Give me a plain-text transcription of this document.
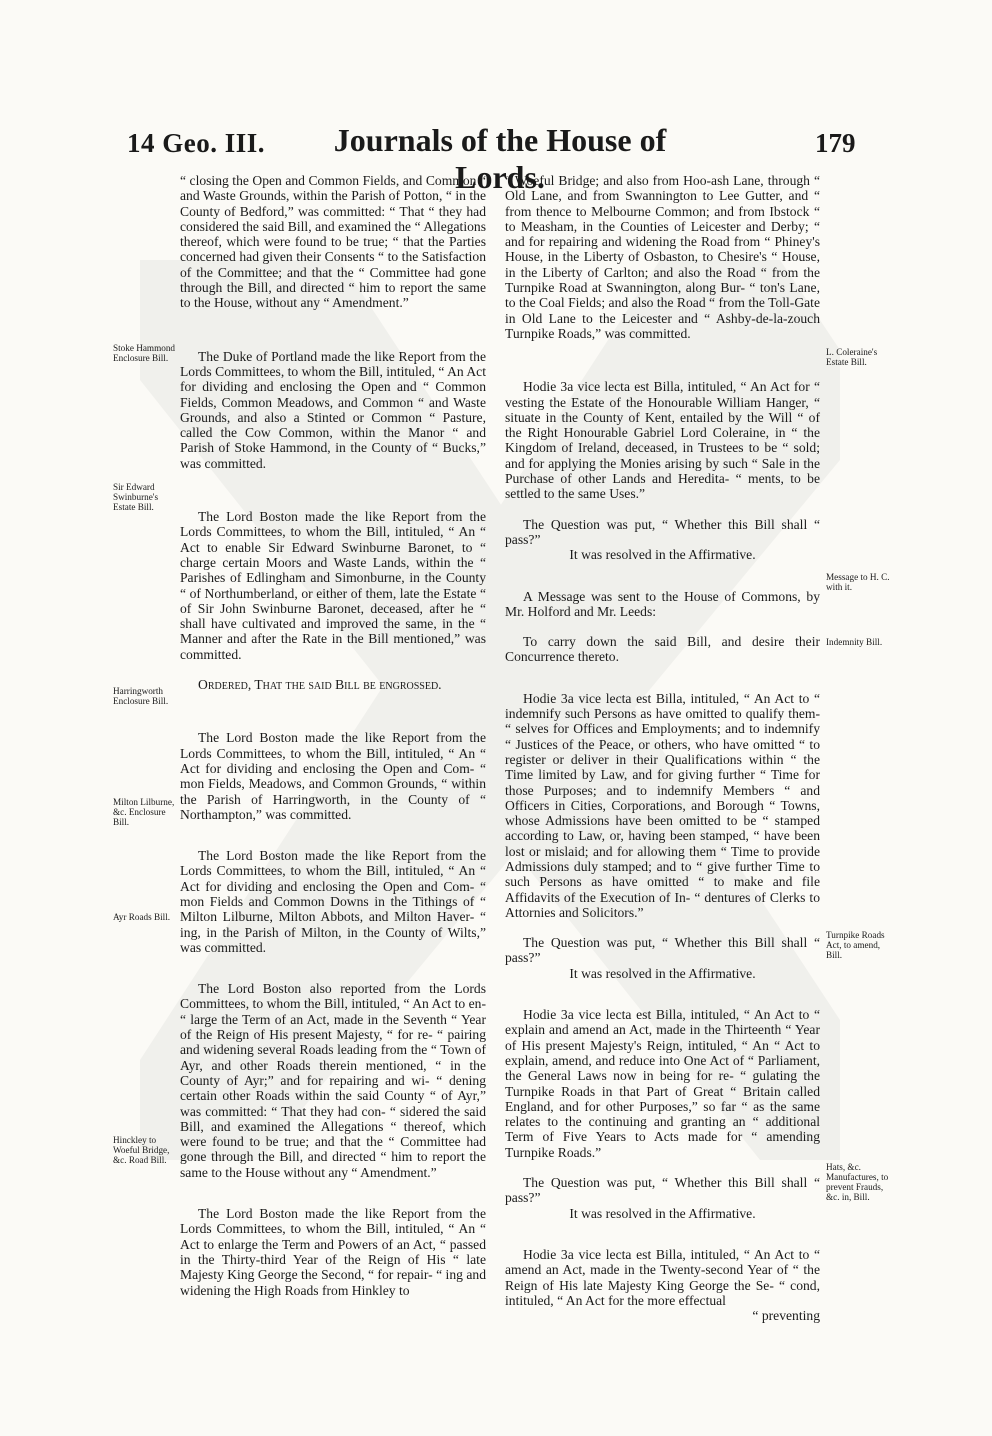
14 Geo. III.	Journals of the House of Lords.
179

“ closing the Open and Common Fields, and Common “ and Waste Grounds, within the Parish of Potton, “ in the County of Bedford,” was committed: “ That “ they had considered the said Bill, and examined the “ Allegations thereof, which were found to be true; “ that the Parties concerned had given their Consents “ to the Satisfaction of the Committee; and that the “ Committee had gone through the Bill, and directed “ him to report the same to the House, without any “ Amendment.”

The Duke of Portland made the like Report from the Lords Committees, to whom the Bill, intituled, “ An Act for dividing and enclosing the Open and “ Common Fields, Common Meadows, and Common “ and Waste Grounds, and also a Stinted or Common “ Pasture, called the Cow Common, within the Manor “ and Parish of Stoke Hammond, in the County of “ Bucks,” was committed.

The Lord Boston made the like Report from the Lords Committees, to whom the Bill, intituled, “ An “ Act to enable Sir Edward Swinburne Baronet, to “ charge certain Moors and Waste Lands, within the “ Parishes of Edlingham and Simonburne, in the County “ of Northumberland, or either of them, late the Estate “ of Sir John Swinburne Baronet, deceased, after he “ shall have cultivated and improved the same, in the “ Manner and after the Rate in the Bill mentioned,” was committed.

Ordered, That the said Bill be engrossed.

The Lord Boston made the like Report from the Lords Committees, to whom the Bill, intituled, “ An “ Act for dividing and enclosing the Open and Com- “ mon Fields, Meadows, and Common Grounds, “ within the Parish of Harringworth, in the County of “ Northampton,” was committed.

The Lord Boston made the like Report from the Lords Committees, to whom the Bill, intituled, “ An “ Act for dividing and enclosing the Open and Com- “ mon Fields and Common Downs in the Tithings of “ Milton Lilburne, Milton Abbots, and Milton Haver- “ ing, in the Parish of Milton, in the County of Wilts,” was committed.

The Lord Boston also reported from the Lords Committees, to whom the Bill, intituled, “ An Act to en- “ large the Term of an Act, made in the Seventh “ Year of the Reign of His present Majesty, “ for re- “ pairing and widening several Roads leading from the “ Town of Ayr, and other Roads therein mentioned, “ in the County of Ayr;” and for repairing and wi- “ dening certain other Roads within the said County “ of Ayr,” was committed: “ That they had con- “ sidered the said Bill, and examined the Allegations “ thereof, which were found to be true; and that the “ Committee had gone through the Bill, and directed “ him to report the same to the House without any “ Amendment.”

The Lord Boston made the like Report from the Lords Committees, to whom the Bill, intituled, “ An “ Act to enlarge the Term and Powers of an Act, “ passed in the Thirty-third Year of the Reign of His “ late Majesty King George the Second, “ for repair- “ ing and widening the High Roads from Hinkley to

“ Woeful Bridge; and also from Hoo-ash Lane, through “ Old Lane, and from Swannington to Lee Gutter, and “ from thence to Melbourne Common; and from Ibstock “ to Measham, in the Counties of Leicester and Derby; “ and for repairing and widening the Road from “ Phiney's House, in the Liberty of Osbaston, to Chesire's “ House, in the Liberty of Carlton; and also the Road “ from the Turnpike Road at Swannington, along Bur- “ ton's Lane, to the Coal Fields; and also the Road “ from the Toll-Gate in Old Lane to the Leicester and “ Ashby-de-la-zouch Turnpike Roads,” was committed.

Hodie 3a vice lecta est Billa, intituled, “ An Act for “ vesting the Estate of the Honourable William Hanger, “ situate in the County of Kent, entailed by the Will “ of the Right Honourable Gabriel Lord Coleraine, in “ the Kingdom of Ireland, deceased, in Trustees to be “ sold; and for applying the Monies arising by such “ Sale in the Purchase of other Lands and Heredita- “ ments, to be settled to the same Uses.”

The Question was put, “ Whether this Bill shall “ pass?”

It was resolved in the Affirmative.

A Message was sent to the House of Commons, by Mr. Holford and Mr. Leeds:

To carry down the said Bill, and desire their Concurrence thereto.

Hodie 3a vice lecta est Billa, intituled, “ An Act to “ indemnify such Persons as have omitted to qualify them- “ selves for Offices and Employments; and to indemnify “ Justices of the Peace, or others, who have omitted “ to register or deliver in their Qualifications within “ the Time limited by Law, and for giving further “ Time for those Purposes; and to indemnify Members “ and Officers in Cities, Corporations, and Borough “ Towns, whose Admissions have been omitted to be “ stamped according to Law, or, having been stamped, “ have been lost or mislaid; and for allowing them “ Time to provide Admissions duly stamped; and to “ give further Time to such Persons as have omitted “ to make and file Affidavits of the Execution of In- “ dentures of Clerks to Attornies and Solicitors.”

The Question was put, “ Whether this Bill shall “ pass?”

It was resolved in the Affirmative.

Hodie 3a vice lecta est Billa, intituled, “ An Act to “ explain and amend an Act, made in the Thirteenth “ Year of His present Majesty's Reign, intituled, “ An “ Act to explain, amend, and reduce into One Act of “ Parliament, the General Laws now in being for re- “ gulating the Turnpike Roads in that Part of Great “ Britain called England, and for other Purposes,” so far “ as the same relates to the continuing and granting an “ additional Term of Five Years to Acts made for “ amending Turnpike Roads.”

The Question was put, “ Whether this Bill shall “ pass?”

It was resolved in the Affirmative.

Hodie 3a vice lecta est Billa, intituled, “ An Act to “ amend an Act, made in the Twenty-second Year of “ the Reign of His late Majesty King George the Se- “ cond, intituled, “ An Act for the more effectual

“ preventing

Stoke Hammond Enclosure Bill.
Sir Edward Swinburne's Estate Bill.
Harringworth Enclosure Bill.
Milton Lilburne, &c. Enclosure Bill.
Ayr Roads Bill.
Hinckley to Woeful Bridge, &c. Road Bill.
L. Coleraine's Estate Bill.
Message to H. C. with it.
Indemnity Bill.
Turnpike Roads Act, to amend, Bill.
Hats, &c. Manufactures, to prevent Frauds, &c. in, Bill.
